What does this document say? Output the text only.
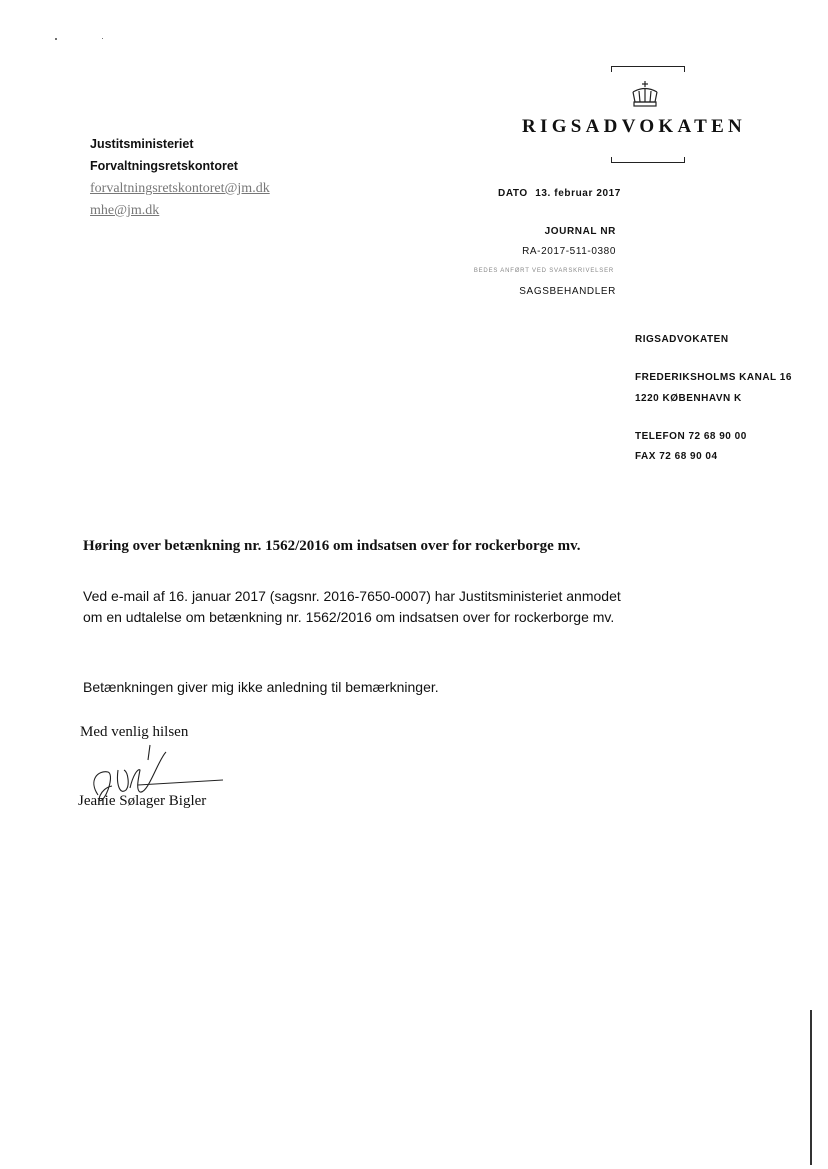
Justitsministeriet
Forvaltningsretskontoret
forvaltningsretskontoret@jm.dk
mhe@jm.dk
RIGSADVOKATEN
DATO 13. februar 2017
JOURNAL NR
RA-2017-511-0380
BEDES ANFØRT VED SVARSKRIVELSER
SAGSBEHANDLER
RIGSADVOKATEN
FREDERIKSHOLMS KANAL 16
1220 KØBENHAVN K
TELEFON 72 68 90 00
FAX 72 68 90 04
Høring over betænkning nr. 1562/2016 om indsatsen over for rockerborge mv.
Ved e-mail af 16. januar 2017 (sagsnr. 2016-7650-0007) har Justitsministeriet anmodet om en udtalelse om betænkning nr. 1562/2016 om indsatsen over for rockerborge mv.
Betænkningen giver mig ikke anledning til bemærkninger.
Med venlig hilsen
Jeanie Sølager Bigler
